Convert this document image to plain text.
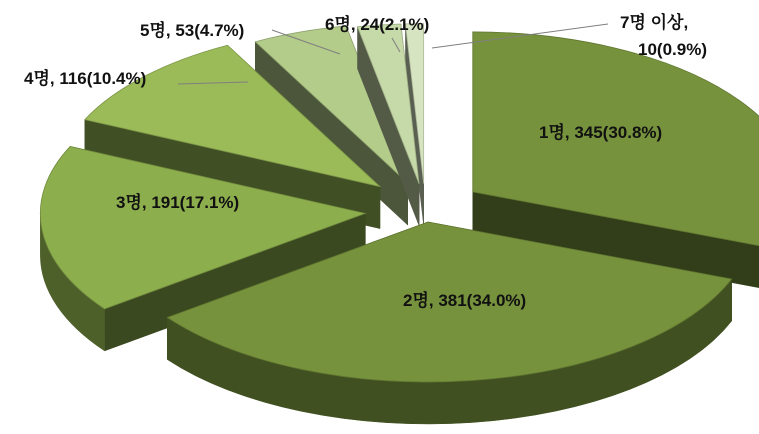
1명, 345(30.8%)
2명, 381(34.0%)
3명, 191(17.1%)
4명, 116(10.4%)
5명, 53(4.7%)	6명, 24(2.1%)	7명 이상,
10(0.9%)
